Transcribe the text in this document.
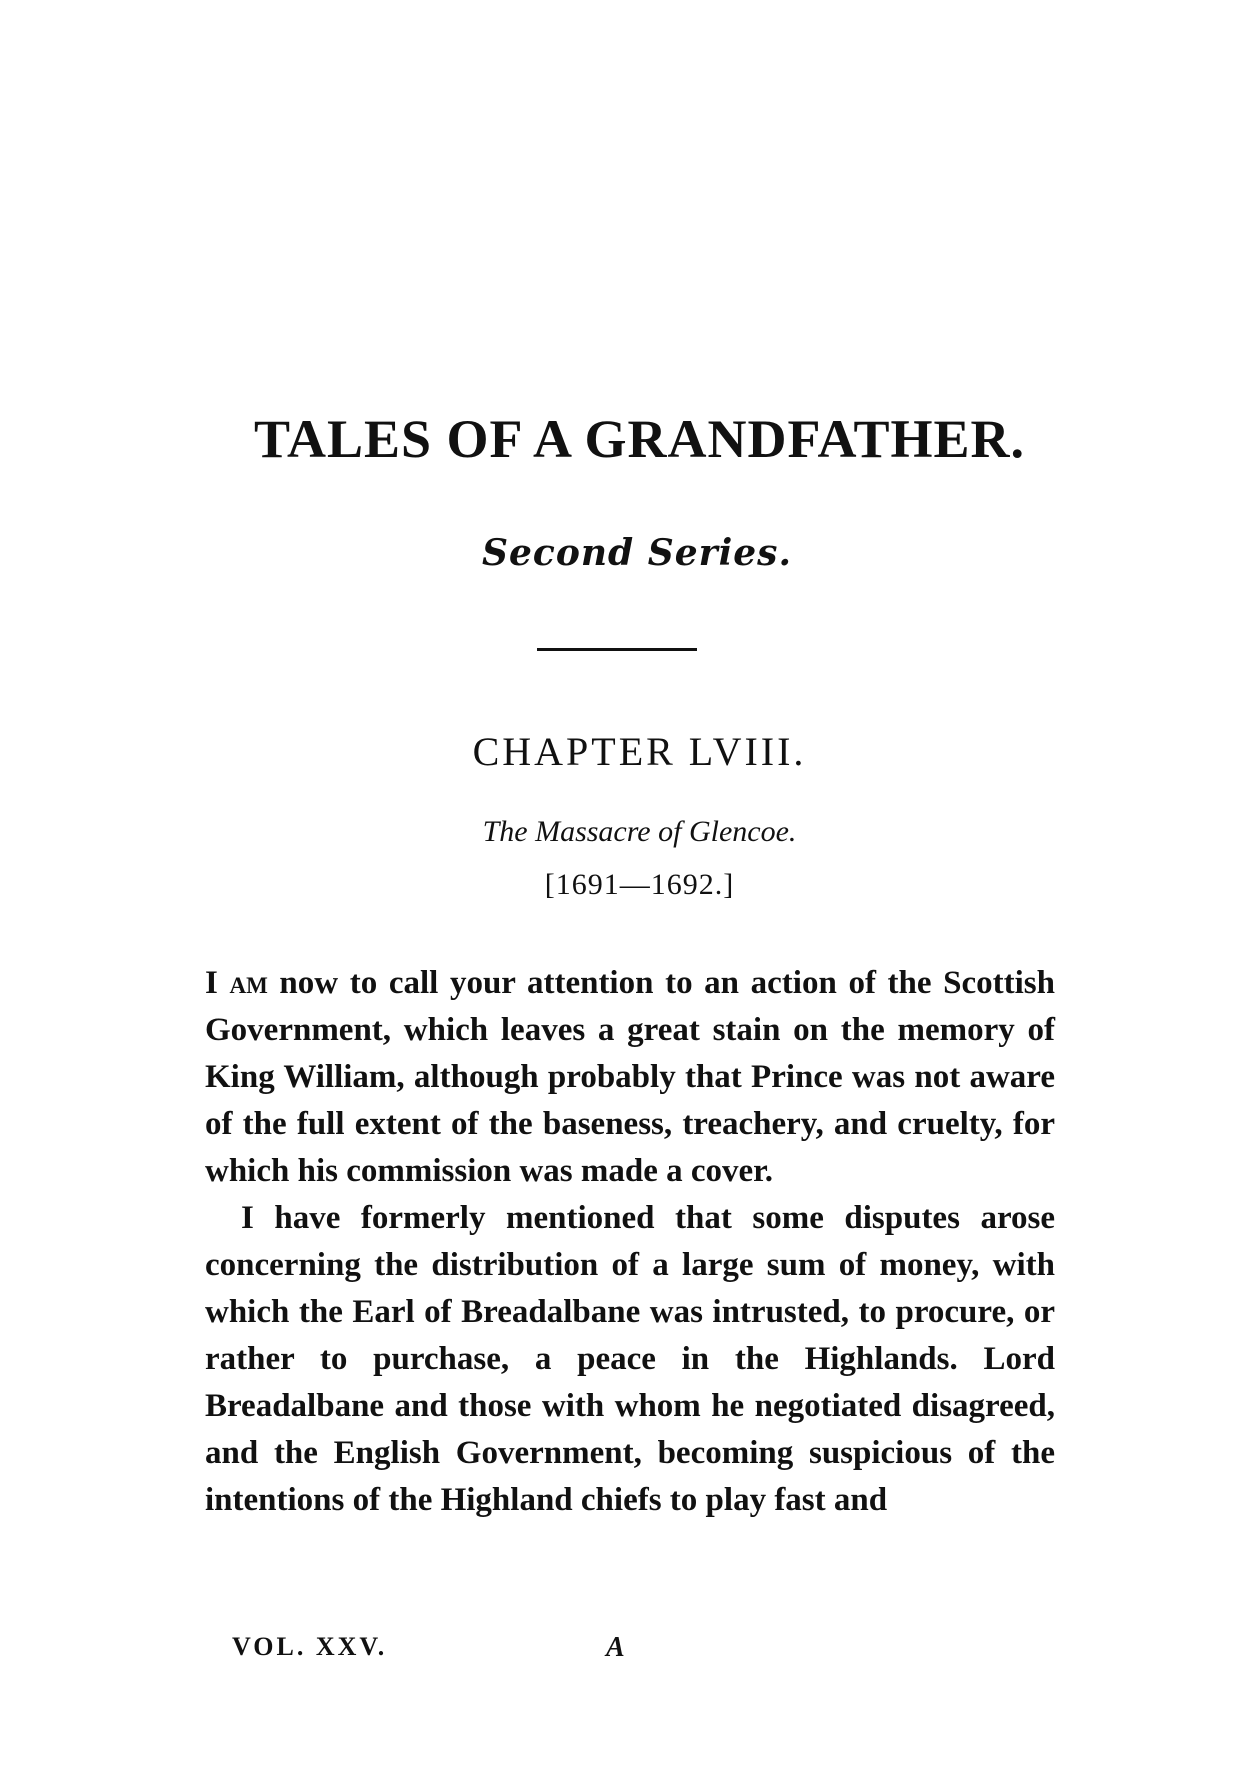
TALES OF A GRANDFATHER.
Second Series.
CHAPTER LVIII.
The Massacre of Glencoe.
[1691—1692.]

I am now to call your attention to an action of the Scottish Government, which leaves a great stain on the memory of King William, although probably that Prince was not aware of the full extent of the baseness, treachery, and cruelty, for which his commission was made a cover.

I have formerly mentioned that some disputes arose concerning the distribution of a large sum of money, with which the Earl of Breadalbane was intrusted, to procure, or rather to purchase, a peace in the Highlands. Lord Breadalbane and those with whom he negotiated disagreed, and the English Government, becoming suspicious of the intentions of the Highland chiefs to play fast and

VOL. XXV.	A
